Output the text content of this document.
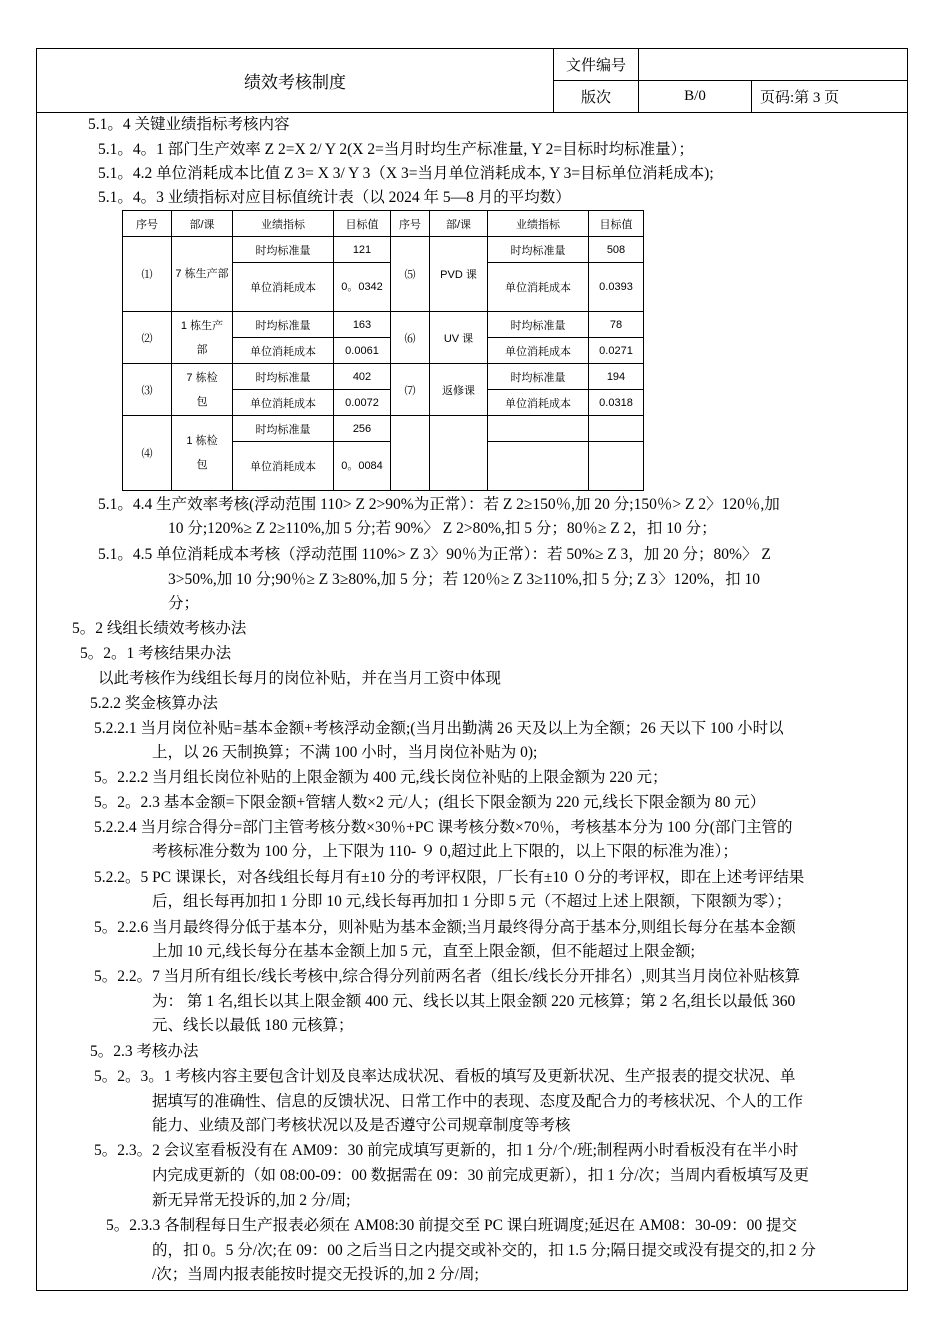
绩效考核制度	文件编号		
	版次	B/0	页码:第 3 页
5.1。4 关键业绩指标考核内容
5.1。4。1 部门生产效率 Z 2=X 2/ Y 2(X 2=当月时均生产标准量, Y 2=目标时均标准量）；
5.1。4.2 单位消耗成本比值 Z 3= X 3/ Y 3（X 3=当月单位消耗成本, Y 3=目标单位消耗成本);
5.1。4。3 业绩指标对应目标值统计表（以 2024 年 5—8 月的平均数）
序号	部/课	业绩指标	目标值	序号	部/课	业绩指标	目标值
⑴	7 栋生产部	时均标准量	121	⑸	PVD 课	时均标准量	508
		单位消耗成本	0。0342			单位消耗成本	0.0393
⑵	1 栋生产部	时均标准量	163	⑹	UV 课	时均标准量	78
		单位消耗成本	0.0061			单位消耗成本	0.0271
⑶	7 栋检包	时均标准量	402	⑺	返修课	时均标准量	194
		单位消耗成本	0.0072			单位消耗成本	0.0318
⑷	1 栋检包	时均标准量	256				
		单位消耗成本	0。0084				
5.1。4.4 生产效率考核(浮动范围 110> Z 2>90%为正常）：若 Z 2≥150％,加 20 分;150％> Z 2〉120％,加
10 分;120%≥ Z 2≥110%,加 5 分;若 90%〉 Z 2>80%,扣 5 分；80％≥ Z 2，扣 10 分；
5.1。4.5 单位消耗成本考核（浮动范围 110%> Z 3〉90％为正常）：若 50%≥ Z 3，加 20 分；80%〉 Z
3>50%,加 10 分;90％≥ Z 3≥80%,加 5 分；若 120％≥ Z 3≥110%,扣 5 分; Z 3〉120%，扣 10
分；
5。2 线组长绩效考核办法
5。2。1 考核结果办法
以此考核作为线组长每月的岗位补贴，并在当月工资中体现
5.2.2 奖金核算办法
5.2.2.1 当月岗位补贴=基本金额+考核浮动金额;(当月出勤满 26 天及以上为全额；26 天以下 100 小时以
上，以 26 天制换算；不满 100 小时，当月岗位补贴为 0);
5。2.2.2 当月组长岗位补贴的上限金额为 400 元,线长岗位补贴的上限金额为 220 元；
5。2。2.3 基本金额=下限金额+管辖人数×2 元/人；(组长下限金额为 220 元,线长下限金额为 80 元）
5.2.2.4 当月综合得分=部门主管考核分数×30％+PC 课考核分数×70％，考核基本分为 100 分(部门主管的
考核标准分数为 100 分，上下限为 110- ９ 0,超过此上下限的，以上下限的标准为准）；
5.2.2。5 PC 课课长，对各线组长每月有±10 分的考评权限，厂长有±10 ０分的考评权，即在上述考评结果
后，组长每再加扣 1 分即 10 元,线长每再加扣 1 分即 5 元（不超过上述上限额，下限额为零）；
5。2.2.6 当月最终得分低于基本分，则补贴为基本金额;当月最终得分高于基本分,则组长每分在基本金额
上加 10 元,线长每分在基本金额上加 5 元，直至上限金额，但不能超过上限金额;
5。2.2。7 当月所有组长/线长考核中,综合得分列前两名者（组长/线长分开排名）,则其当月岗位补贴核算
为： 第 1 名,组长以其上限金额 400 元、线长以其上限金额 220 元核算；第 2 名,组长以最低 360
元、线长以最低 180 元核算；
5。2.3 考核办法
5。2。3。1 考核内容主要包含计划及良率达成状况、看板的填写及更新状况、生产报表的提交状况、单
据填写的准确性、信息的反馈状况、日常工作中的表现、态度及配合力的考核状况、个人的工作
能力、业绩及部门考核状况以及是否遵守公司规章制度等考核
5。2.3。2 会议室看板没有在 AM09：30 前完成填写更新的，扣 1 分/个/班;制程两小时看板没有在半小时
内完成更新的（如 08:00-09：00 数据需在 09：30 前完成更新），扣 1 分/次；当周内看板填写及更
新无异常无投诉的,加 2 分/周;
5。2.3.3 各制程每日生产报表必须在 AM08:30 前提交至 PC 课白班调度;延迟在 AM08：30-09：00 提交
的，扣 0。5 分/次;在 09：00 之后当日之内提交或补交的，扣 1.5 分;隔日提交或没有提交的,扣 2 分
/次；当周内报表能按时提交无投诉的,加 2 分/周;
